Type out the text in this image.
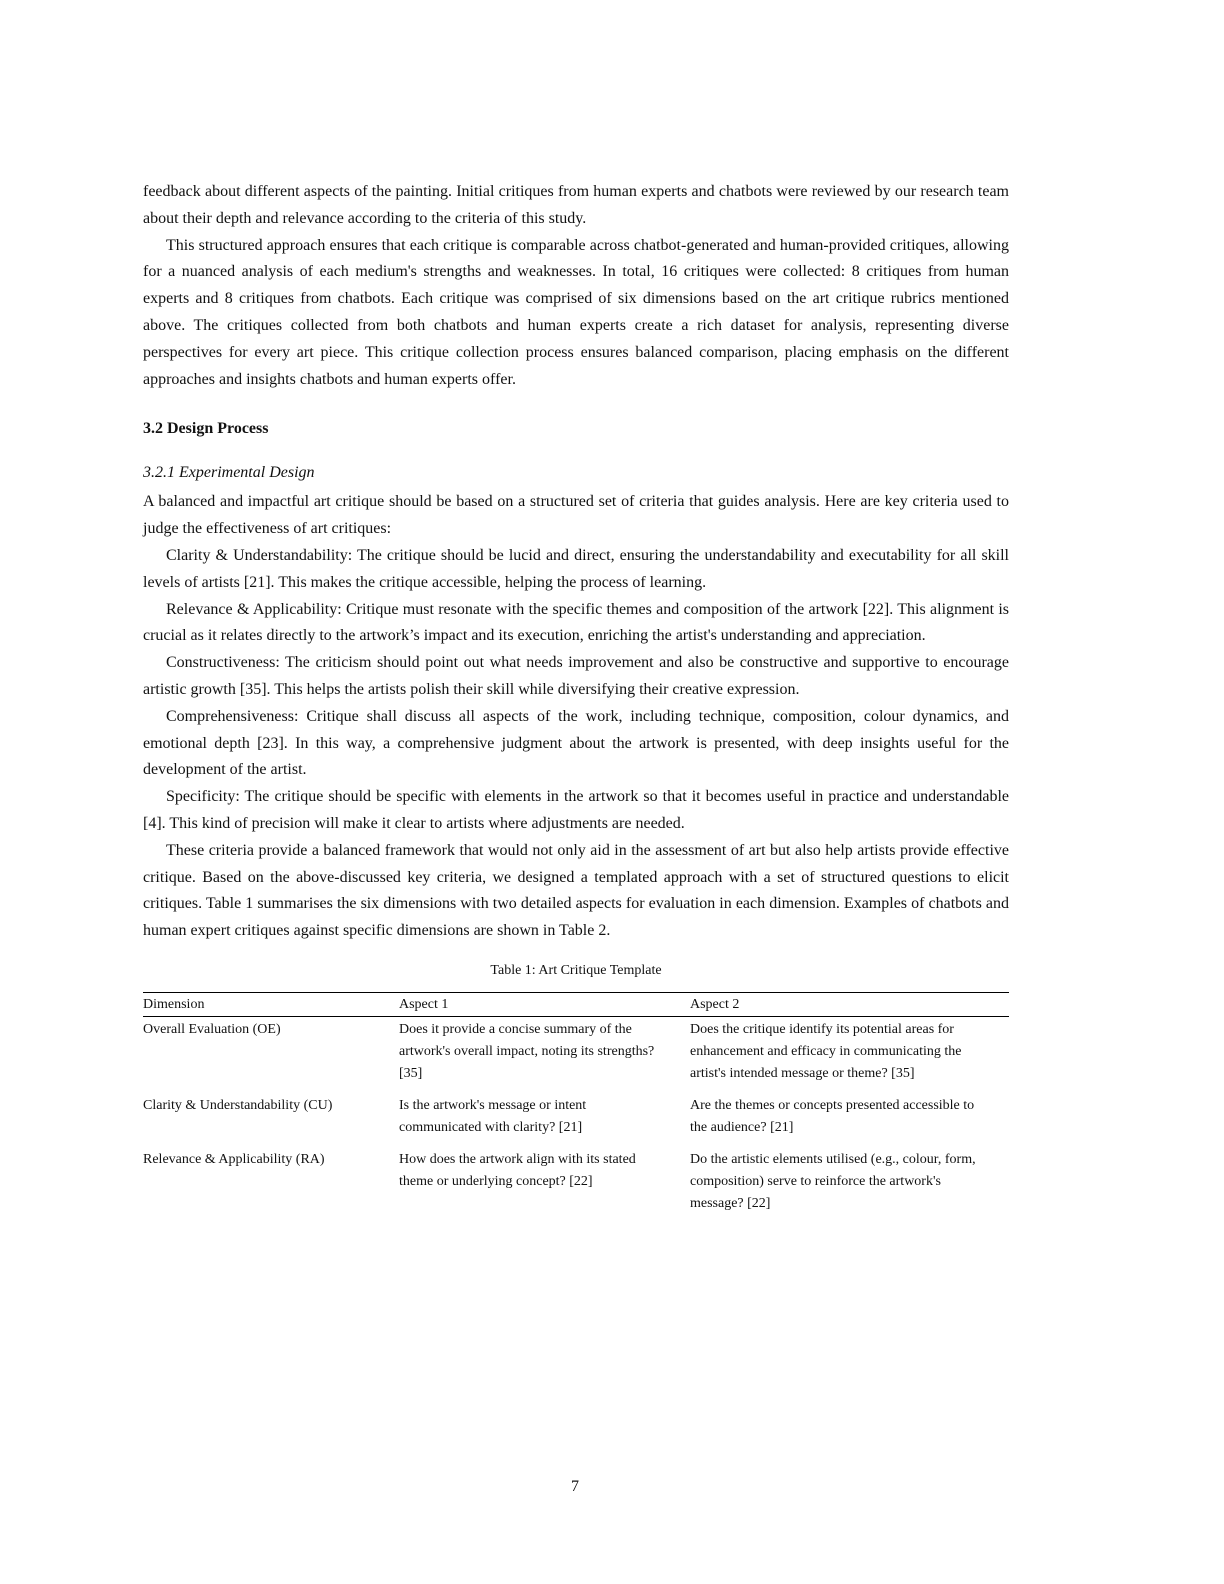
feedback about different aspects of the painting. Initial critiques from human experts and chatbots were reviewed by our research team about their depth and relevance according to the criteria of this study.

This structured approach ensures that each critique is comparable across chatbot-generated and human-provided critiques, allowing for a nuanced analysis of each medium's strengths and weaknesses. In total, 16 critiques were collected: 8 critiques from human experts and 8 critiques from chatbots. Each critique was comprised of six dimensions based on the art critique rubrics mentioned above. The critiques collected from both chatbots and human experts create a rich dataset for analysis, representing diverse perspectives for every art piece. This critique collection process ensures balanced comparison, placing emphasis on the different approaches and insights chatbots and human experts offer.

3.2 Design Process
3.2.1 Experimental Design

A balanced and impactful art critique should be based on a structured set of criteria that guides analysis. Here are key criteria used to judge the effectiveness of art critiques:

Clarity & Understandability: The critique should be lucid and direct, ensuring the understandability and executability for all skill levels of artists [21]. This makes the critique accessible, helping the process of learning.

Relevance & Applicability: Critique must resonate with the specific themes and composition of the artwork [22]. This alignment is crucial as it relates directly to the artwork’s impact and its execution, enriching the artist's understanding and appreciation.

Constructiveness: The criticism should point out what needs improvement and also be constructive and supportive to encourage artistic growth [35]. This helps the artists polish their skill while diversifying their creative expression.

Comprehensiveness: Critique shall discuss all aspects of the work, including technique, composition, colour dynamics, and emotional depth [23]. In this way, a comprehensive judgment about the artwork is presented, with deep insights useful for the development of the artist.

Specificity: The critique should be specific with elements in the artwork so that it becomes useful in practice and understandable [4]. This kind of precision will make it clear to artists where adjustments are needed.

These criteria provide a balanced framework that would not only aid in the assessment of art but also help artists provide effective critique. Based on the above-discussed key criteria, we designed a templated approach with a set of structured questions to elicit critiques. Table 1 summarises the six dimensions with two detailed aspects for evaluation in each dimension. Examples of chatbots and human expert critiques against specific dimensions are shown in Table 2.

Table 1: Art Critique Template
Dimension	Aspect 1	Aspect 2
Overall Evaluation (OE)	Does it provide a concise summary of the artwork's overall impact, noting its strengths? [35]	Does the critique identify its potential areas for enhancement and efficacy in communicating the artist's intended message or theme? [35]
Clarity & Understandability (CU)	Is the artwork's message or intent communicated with clarity? [21]	Are the themes or concepts presented accessible to the audience? [21]
Relevance & Applicability (RA)	How does the artwork align with its stated theme or underlying concept? [22]	Do the artistic elements utilised (e.g., colour, form, composition) serve to reinforce the artwork's message? [22]
7
